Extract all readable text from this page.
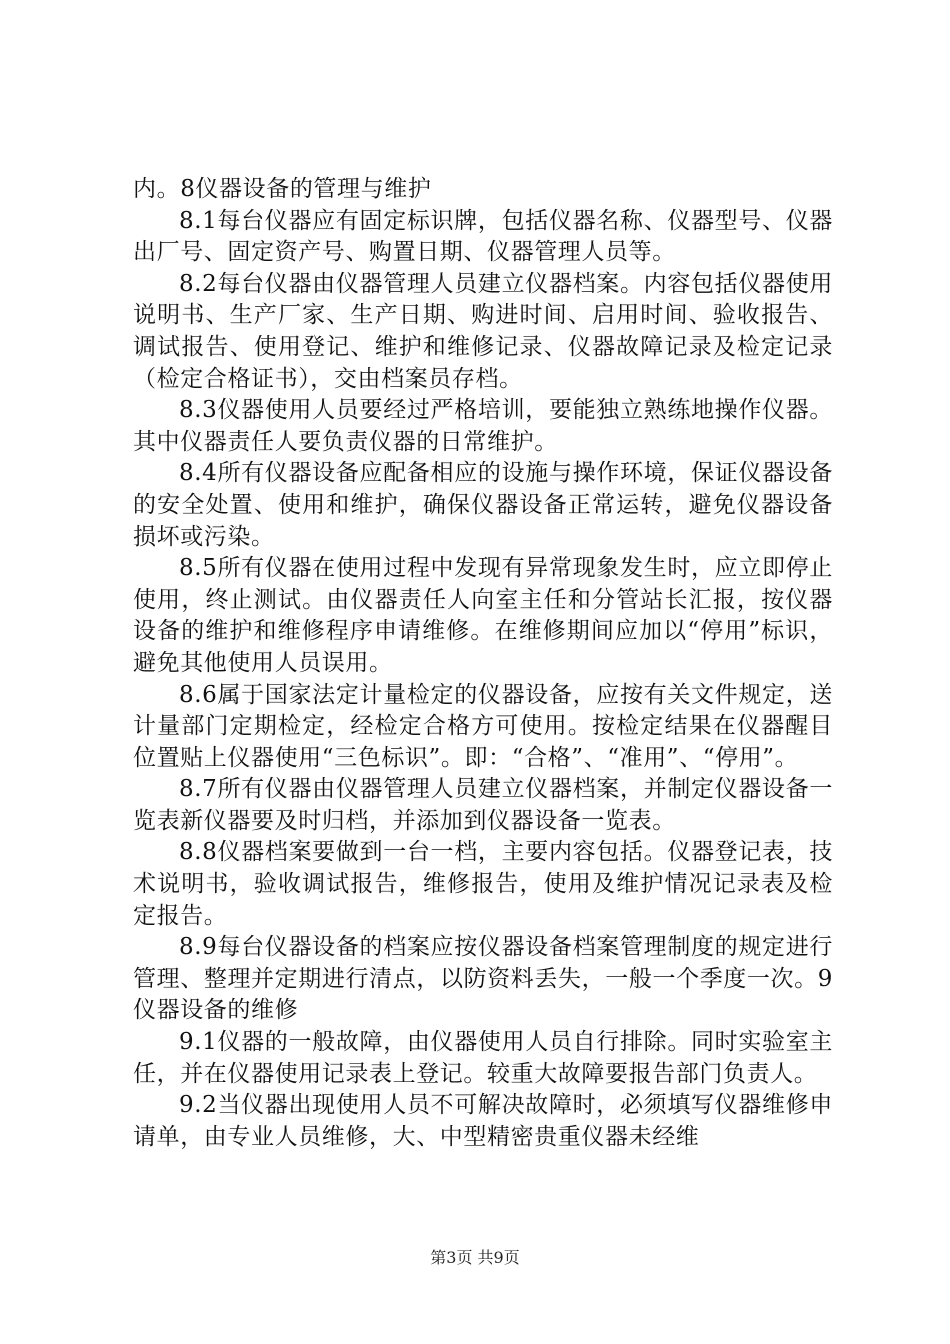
内。8仪器设备的管理与维护

8.1每台仪器应有固定标识牌，包括仪器名称、仪器型号、仪器出厂号、固定资产号、购置日期、仪器管理人员等。

8.2每台仪器由仪器管理人员建立仪器档案。内容包括仪器使用说明书、生产厂家、生产日期、购进时间、启用时间、验收报告、调试报告、使用登记、维护和维修记录、仪器故障记录及检定记录（检定合格证书），交由档案员存档。

8.3仪器使用人员要经过严格培训，要能独立熟练地操作仪器。其中仪器责任人要负责仪器的日常维护。

8.4所有仪器设备应配备相应的设施与操作环境，保证仪器设备的安全处置、使用和维护，确保仪器设备正常运转，避免仪器设备损坏或污染。

8.5所有仪器在使用过程中发现有异常现象发生时，应立即停止使用，终止测试。由仪器责任人向室主任和分管站长汇报，按仪器设备的维护和维修程序申请维修。在维修期间应加以“停用”标识，避免其他使用人员误用。

8.6属于国家法定计量检定的仪器设备，应按有关文件规定，送计量部门定期检定，经检定合格方可使用。按检定结果在仪器醒目位置贴上仪器使用“三色标识”。即：“合格”、“准用”、“停用”。

8.7所有仪器由仪器管理人员建立仪器档案，并制定仪器设备一览表新仪器要及时归档，并添加到仪器设备一览表。

8.8仪器档案要做到一台一档，主要内容包括。仪器登记表，技术说明书，验收调试报告，维修报告，使用及维护情况记录表及检定报告。

8.9每台仪器设备的档案应按仪器设备档案管理制度的规定进行管理、整理并定期进行清点，以防资料丢失，一般一个季度一次。9仪器设备的维修

9.1仪器的一般故障，由仪器使用人员自行排除。同时实验室主任，并在仪器使用记录表上登记。较重大故障要报告部门负责人。

9.2当仪器出现使用人员不可解决故障时，必须填写仪器维修申请单，由专业人员维修，大、中型精密贵重仪器未经维

第3页 共9页
